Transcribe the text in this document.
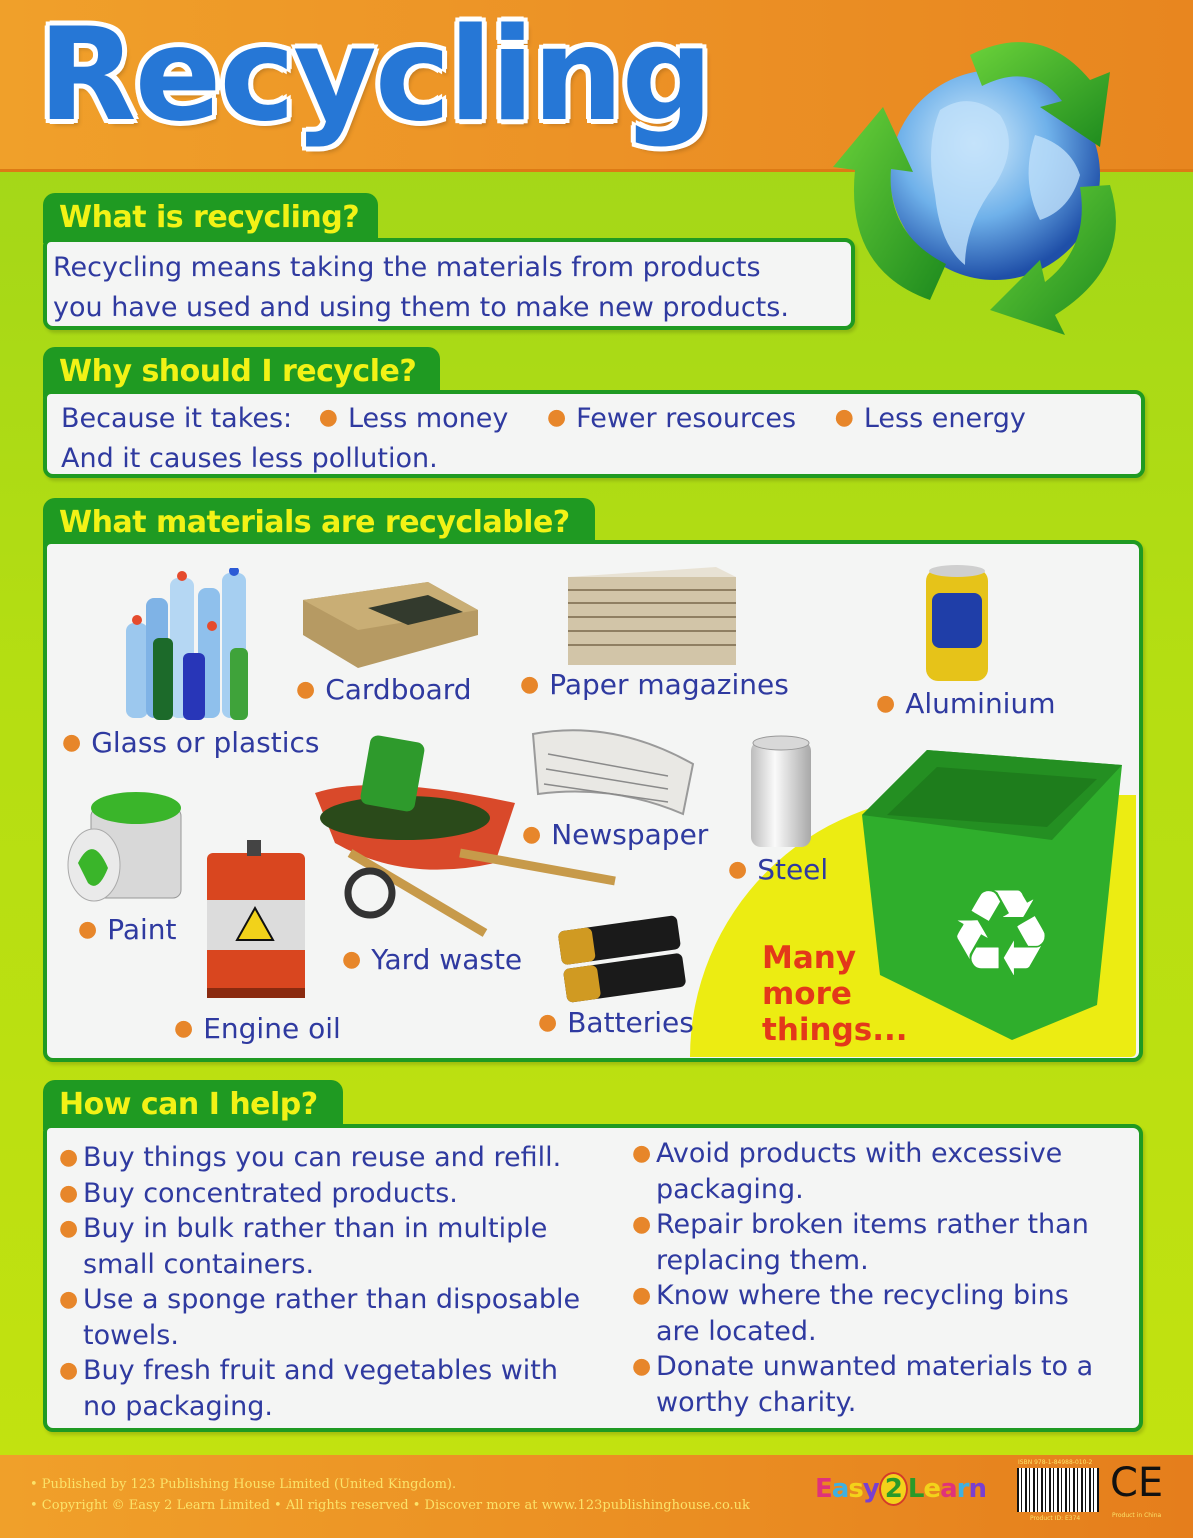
Recycling
What is recycling?
Recycling means taking the materials from products
you have used and using them to make new products.
Why should I recycle?
Because it takes: ● Less money ● Fewer resources ● Less energy
And it causes less pollution.
What materials are recyclable?
● Glass or plastics
● Cardboard ● Paper magazines
● Aluminium
● Newspaper
● Steel
● Paint
● Engine oil
● Yard waste
● Batteries
Many
more
things...
♻
How can I help?
● Buy things you can reuse and refill.
● Buy concentrated products.
● Buy in bulk rather than in multiple small containers.
● Use a sponge rather than disposable towels.
● Buy fresh fruit and vegetables with no packaging.
● Avoid products with excessive packaging.
● Repair broken items rather than replacing them.
● Know where the recycling bins are located.
● Donate unwanted materials to a worthy charity.
• Published by 123 Publishing House Limited (United Kingdom).
• Copyright © Easy 2 Learn Limited • All rights reserved • Discover more at www.123publishinghouse.co.uk
Easy 2 Learn
ISBN 978-1-84988-010-2
Product ID: E374
CE
Product in China
